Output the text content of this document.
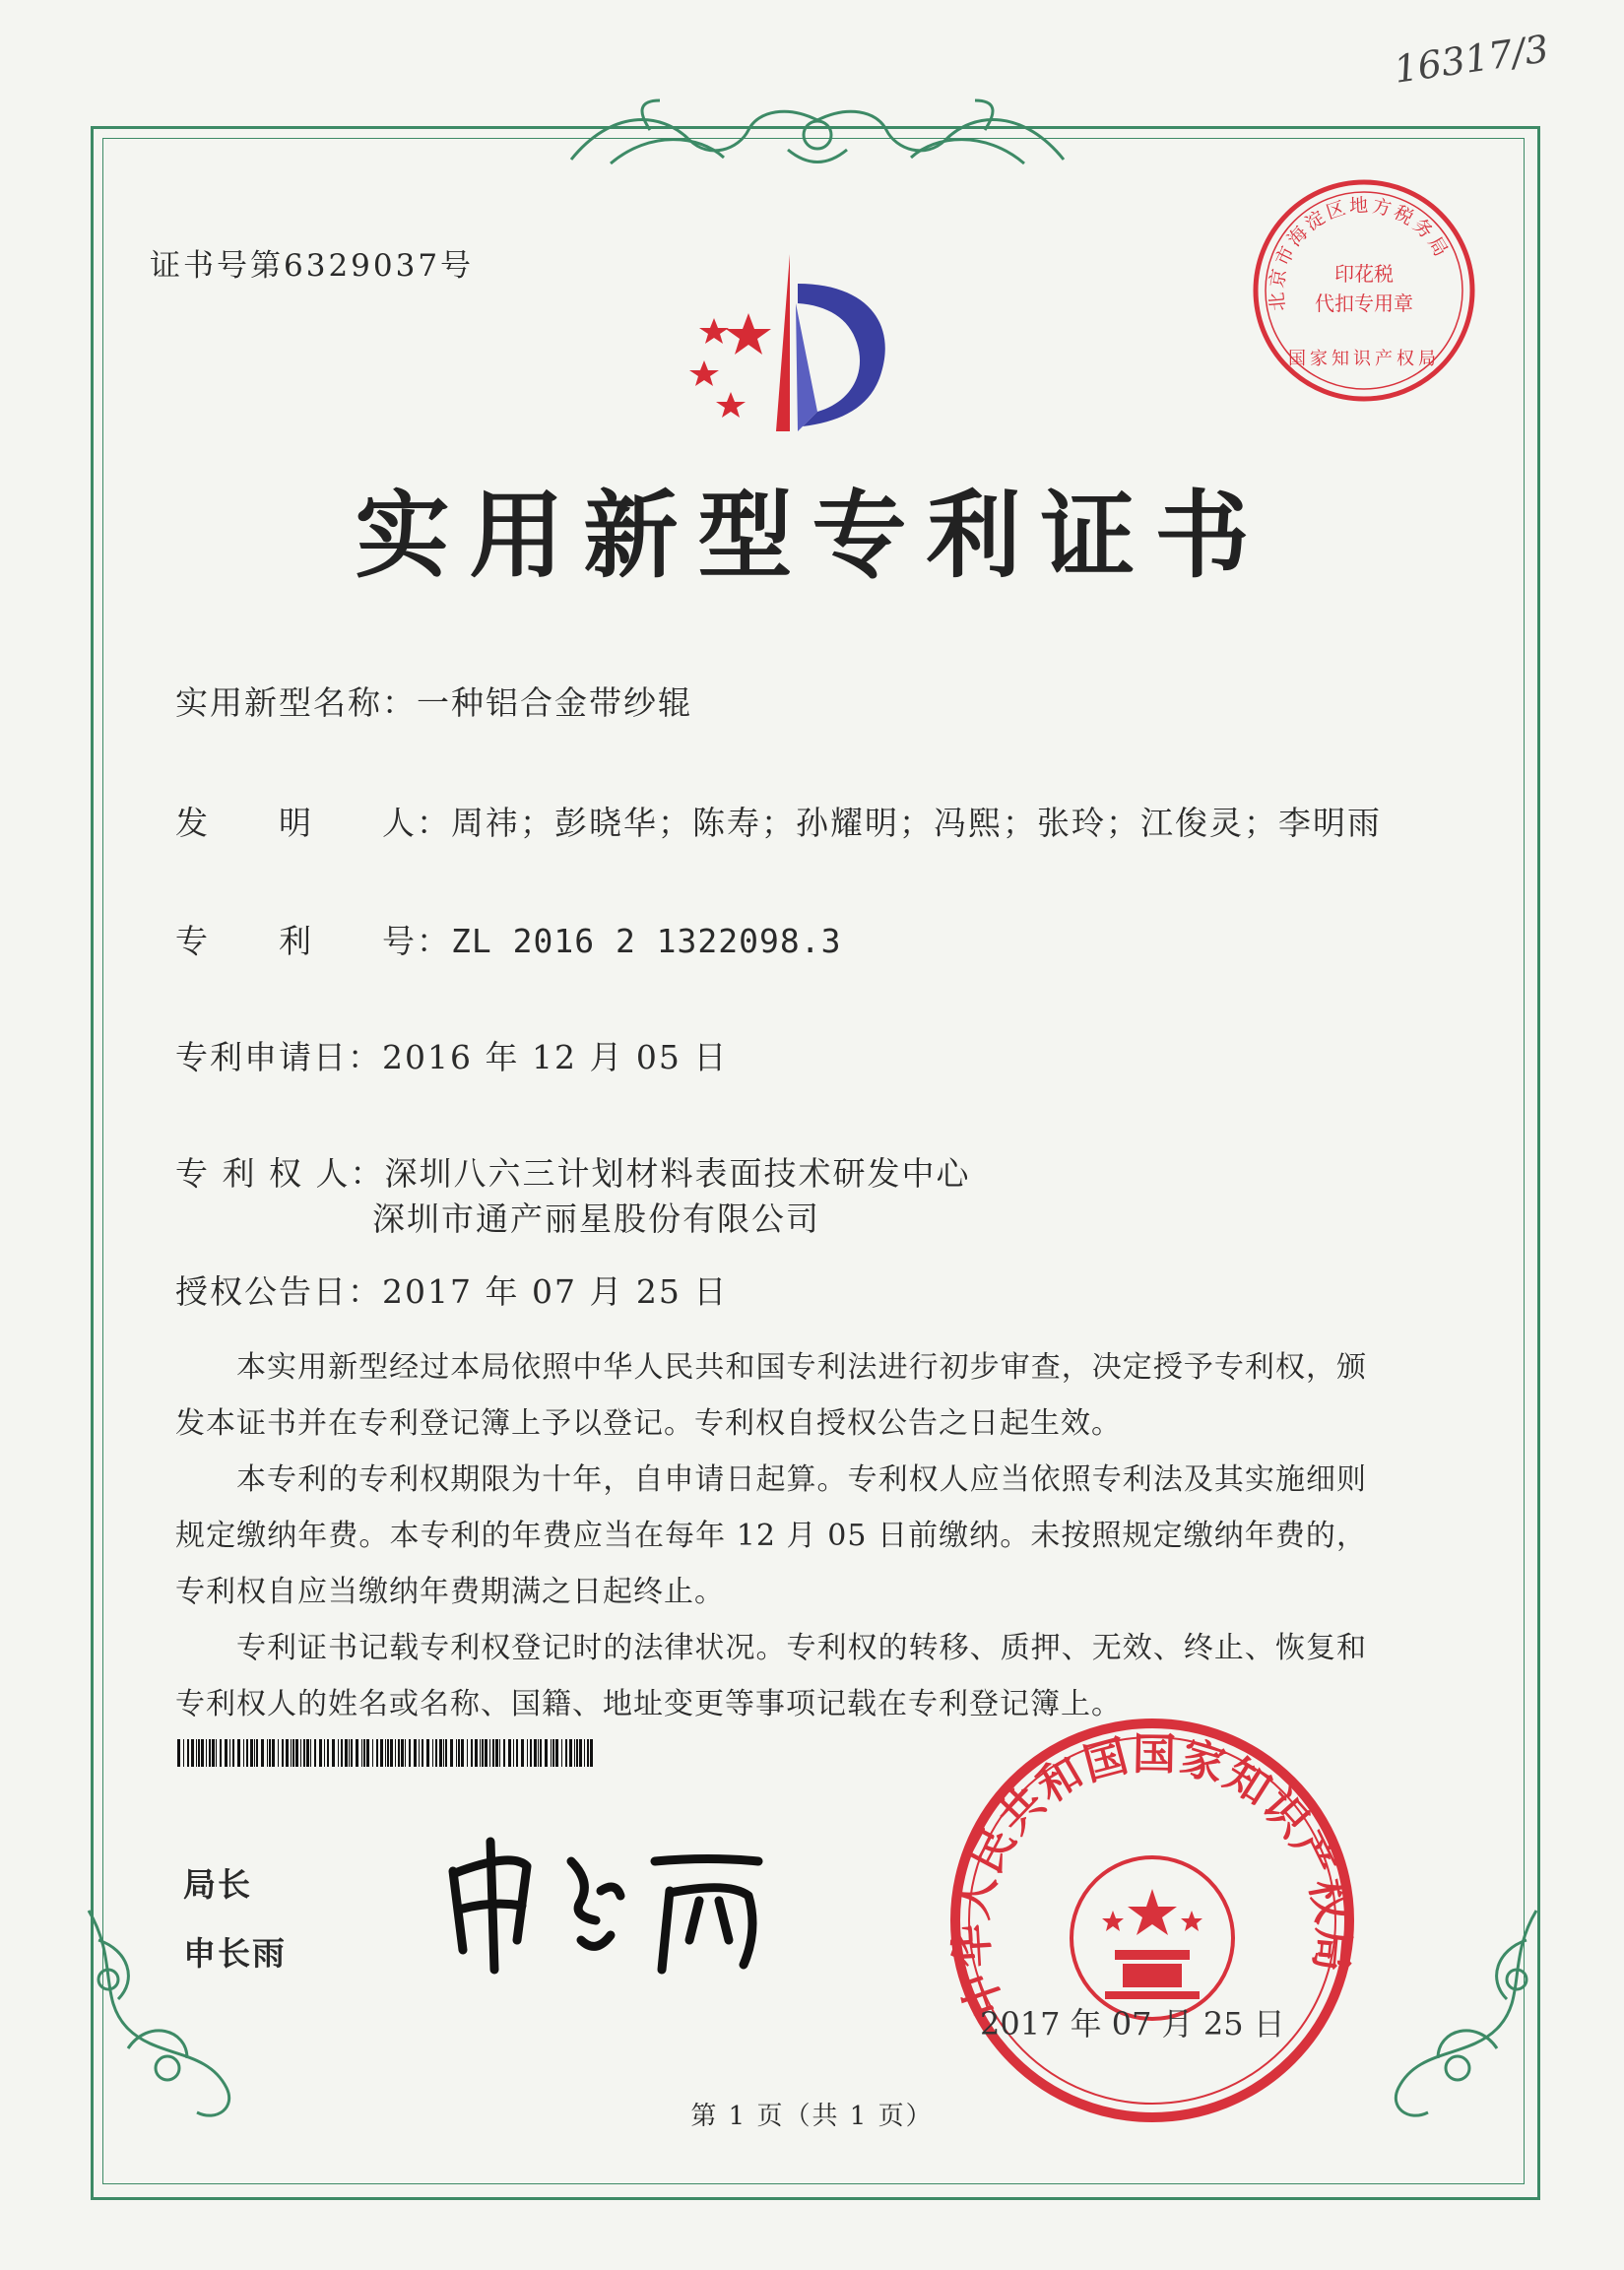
16317/3
证书号第6329037号
北京市海淀区地方税务局
印花税
代扣专用章
国家知识产权局
实用新型专利证书
实用新型名称：一种铝合金带纱辊
发　　明　　人：周祎；彭晓华；陈寿；孙耀明；冯熙；张玲；江俊灵；李明雨
专　　利　　号：ZL 2016 2 1322098.3
专利申请日：2016 年 12 月 05 日
专 利 权 人：深圳八六三计划材料表面技术研发中心
深圳市通产丽星股份有限公司
授权公告日：2017 年 07 月 25 日

本实用新型经过本局依照中华人民共和国专利法进行初步审查，决定授予专利权，颁发本证书并在专利登记簿上予以登记。专利权自授权公告之日起生效。

本专利的专利权期限为十年，自申请日起算。专利权人应当依照专利法及其实施细则规定缴纳年费。本专利的年费应当在每年 12 月 05 日前缴纳。未按照规定缴纳年费的，专利权自应当缴纳年费期满之日起终止。

专利证书记载专利权登记时的法律状况。专利权的转移、质押、无效、终止、恢复和专利权人的姓名或名称、国籍、地址变更等事项记载在专利登记簿上。

局长
申长雨
中华人民共和国国家知识产权局
2017 年 07 月 25 日
第 1 页（共 1 页）
